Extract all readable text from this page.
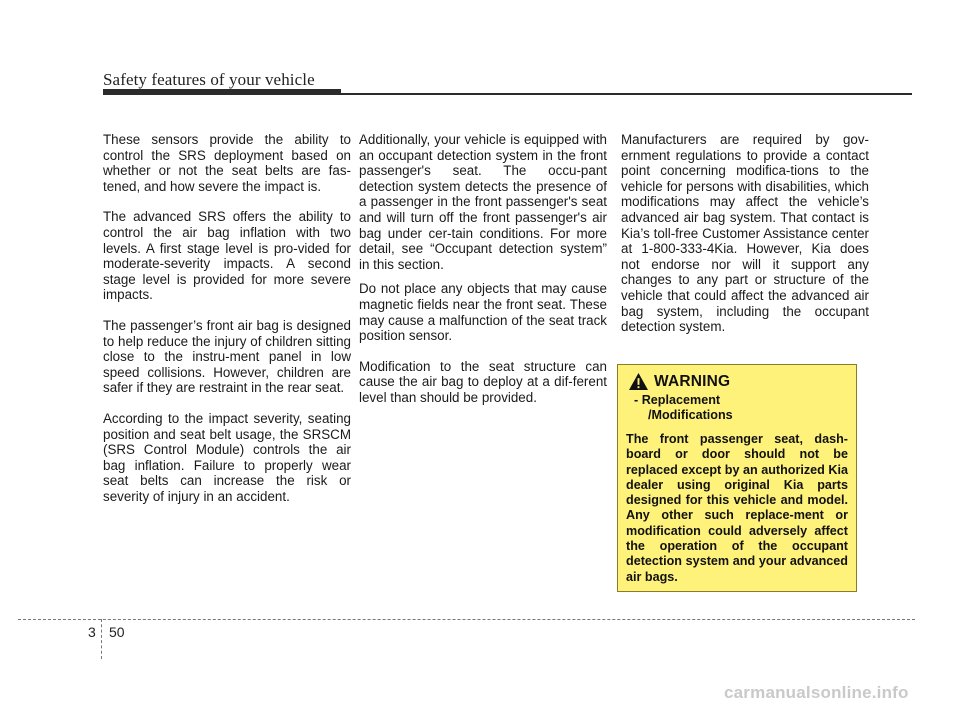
Safety features of your vehicle

These sensors provide the ability to control the SRS deployment based on whether or not the seat belts are fas-tened, and how severe the impact is.

The advanced SRS offers the ability to control the air bag inflation with two levels. A first stage level is pro-vided for moderate-severity impacts. A second stage level is provided for more severe impacts.

The passenger’s front air bag is designed to help reduce the injury of children sitting close to the instru-ment panel in low speed collisions. However, children are safer if they are restraint in the rear seat.

According to the impact severity, seating position and seat belt usage, the SRSCM (SRS Control Module) controls the air bag inflation. Failure to properly wear seat belts can increase the risk or severity of injury in an accident.

Additionally, your vehicle is equipped with an occupant detection system in the front passenger's seat. The occu-pant detection system detects the presence of a passenger in the front passenger's seat and will turn off the front passenger's air bag under cer-tain conditions. For more detail, see “Occupant detection system” in this section.

Do not place any objects that may cause magnetic fields near the front seat. These may cause a malfunction of the seat track position sensor.

Modification to the seat structure can cause the air bag to deploy at a dif-ferent level than should be provided.

Manufacturers are required by gov-ernment regulations to provide a contact point concerning modifica-tions to the vehicle for persons with disabilities, which modifications may affect the vehicle’s advanced air bag system. That contact is Kia’s toll-free Customer Assistance center at 1-800-333-4Kia. However, Kia does not endorse nor will it support any changes to any part or structure of the vehicle that could affect the advanced air bag system, including the occupant detection system.

WARNING
- Replacement
/Modifications

The front passenger seat, dash-board or door should not be replaced except by an authorized Kia dealer using original Kia parts designed for this vehicle and model. Any other such replace-ment or modification could adversely affect the operation of the occupant detection system and your advanced air bags.

3 50
carmanualsonline.info
